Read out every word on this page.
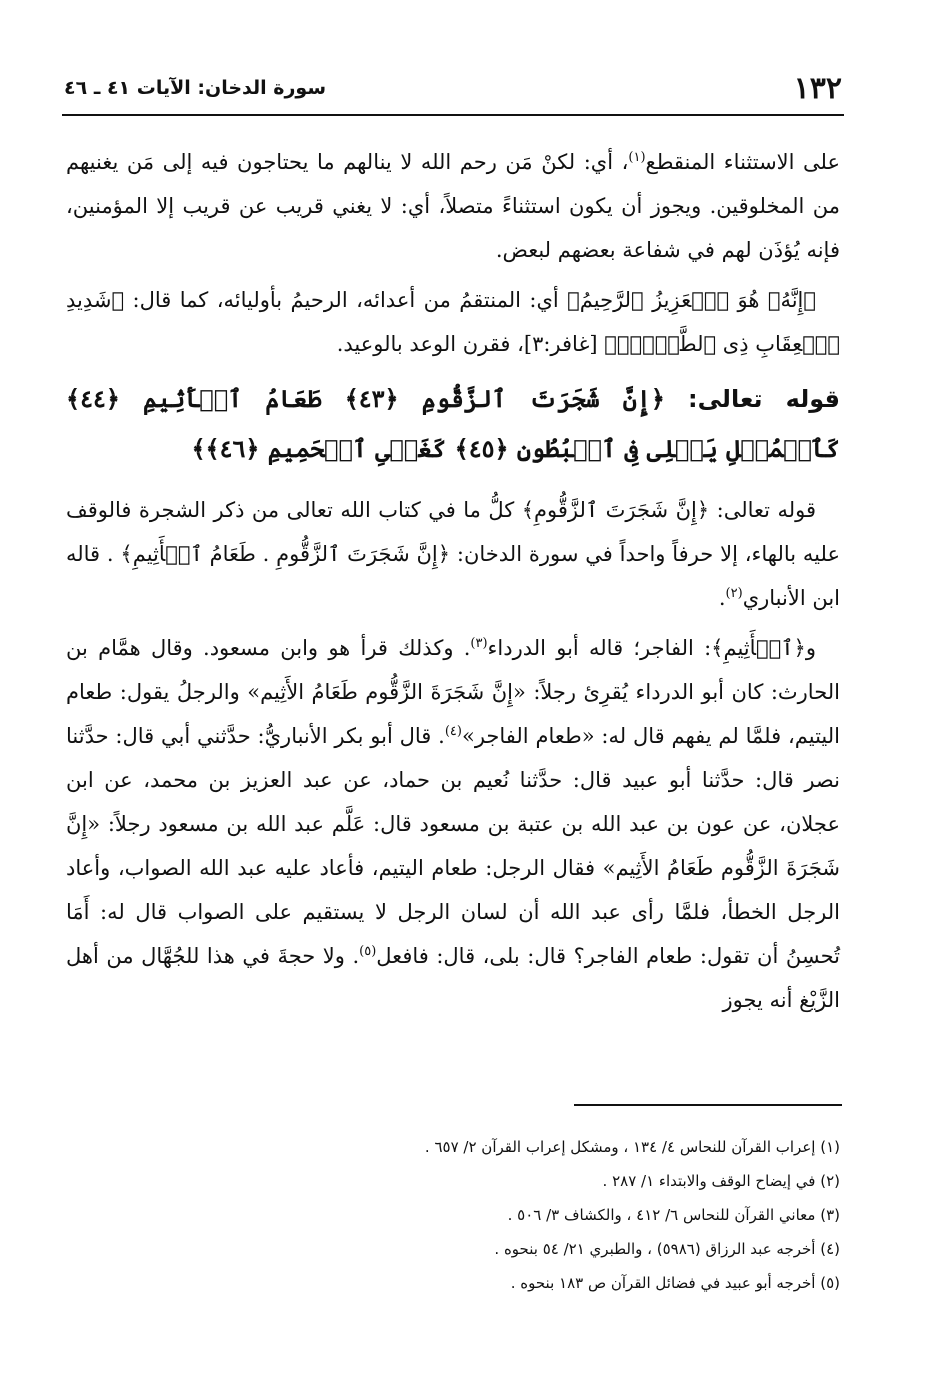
١٣٢
سورة الدخان: الآيات ٤١ ـ ٤٦

على الاستثناء المنقطع$^{(١)}$، أي: لكنْ مَن رحم الله لا ينالهم ما يحتاجون فيه إلى مَن يغنيهم من المخلوقين. ويجوز أن يكون استثناءً متصلاً، أي: لا يغني قريب عن قريب إلا المؤمنين، فإنه يُؤذَن لهم في شفاعة بعضهم لبعض.

﴿إِنَّهُۥ هُوَ ٱلۡعَزِيزُ ٱلرَّحِيمُ﴾ أي: المنتقمُ من أعدائه، الرحيمُ بأوليائه، كما قال: ﴿شَدِيدِ ٱلۡعِقَابِ ذِى ٱلطَّوۡلِۖ﴾ [غافر:٣]، فقرن الوعد بالوعيد.

قوله تعالى: ﴿إِنَّ شَجَرَتَ ٱلزَّقُّومِ ﴿٤٣﴾ طَعَامُ ٱلۡأَثِيمِ ﴿٤٤﴾ كَٱلۡمُهۡلِ يَغۡلِى فِى ٱلۡبُطُونِ ﴿٤٥﴾ كَغَلۡىِ ٱلۡحَمِيمِ ﴿٤٦﴾﴾

قوله تعالى: ﴿إِنَّ شَجَرَتَ ٱلزَّقُّومِ﴾ كلُّ ما في كتاب الله تعالى من ذكر الشجرة فالوقف عليه بالهاء، إلا حرفاً واحداً في سورة الدخان: ﴿إِنَّ شَجَرَتَ ٱلزَّقُّومِ . طَعَامُ ٱلۡأَثِيمِ﴾ . قاله ابن الأنباري$^{(٢)}$.

و﴿ٱلۡأَثِيمِ﴾: الفاجر؛ قاله أبو الدرداء$^{(٣)}$. وكذلك قرأ هو وابن مسعود. وقال همَّام بن الحارث: كان أبو الدرداء يُقرِئ رجلاً: «إِنَّ شَجَرَةَ الزَّقُّوم طَعَامُ الأَثِيم» والرجلُ يقول: طعام اليتيم، فلمَّا لم يفهم قال له: «طعام الفاجر»$^{(٤)}$. قال أبو بكر الأنباريُّ: حدَّثني أبي قال: حدَّثنا نصر قال: حدَّثنا أبو عبيد قال: حدَّثنا نُعيم بن حماد، عن عبد العزيز بن محمد، عن ابن عجلان، عن عون بن عبد الله بن عتبة بن مسعود قال: عَلَّم عبد الله بن مسعود رجلاً: «إِنَّ شَجَرَةَ الزَّقُّوم طَعَامُ الأَثِيم» فقال الرجل: طعام اليتيم، فأعاد عليه عبد الله الصواب، وأعاد الرجل الخطأ، فلمَّا رأى عبد الله أن لسان الرجل لا يستقيم على الصواب قال له: أَمَا تُحسِنُ أن تقول: طعام الفاجر؟ قال: بلى، قال: فافعل$^{(٥)}$. ولا حجةَ في هذا للجُهَّال من أهل الزَّيْغ أنه يجوز

(١) إعراب القرآن للنحاس ٤/ ١٣٤ ، ومشكل إعراب القرآن ٢/ ٦٥٧ .
(٢) في إيضاح الوقف والابتداء ١/ ٢٨٧ .
(٣) معاني القرآن للنحاس ٦/ ٤١٢ ، والكشاف ٣/ ٥٠٦ .
(٤) أخرجه عبد الرزاق (٥٩٨٦) ، والطبري ٢١/ ٥٤ بنحوه .
(٥) أخرجه أبو عبيد في فضائل القرآن ص ١٨٣ بنحوه .
